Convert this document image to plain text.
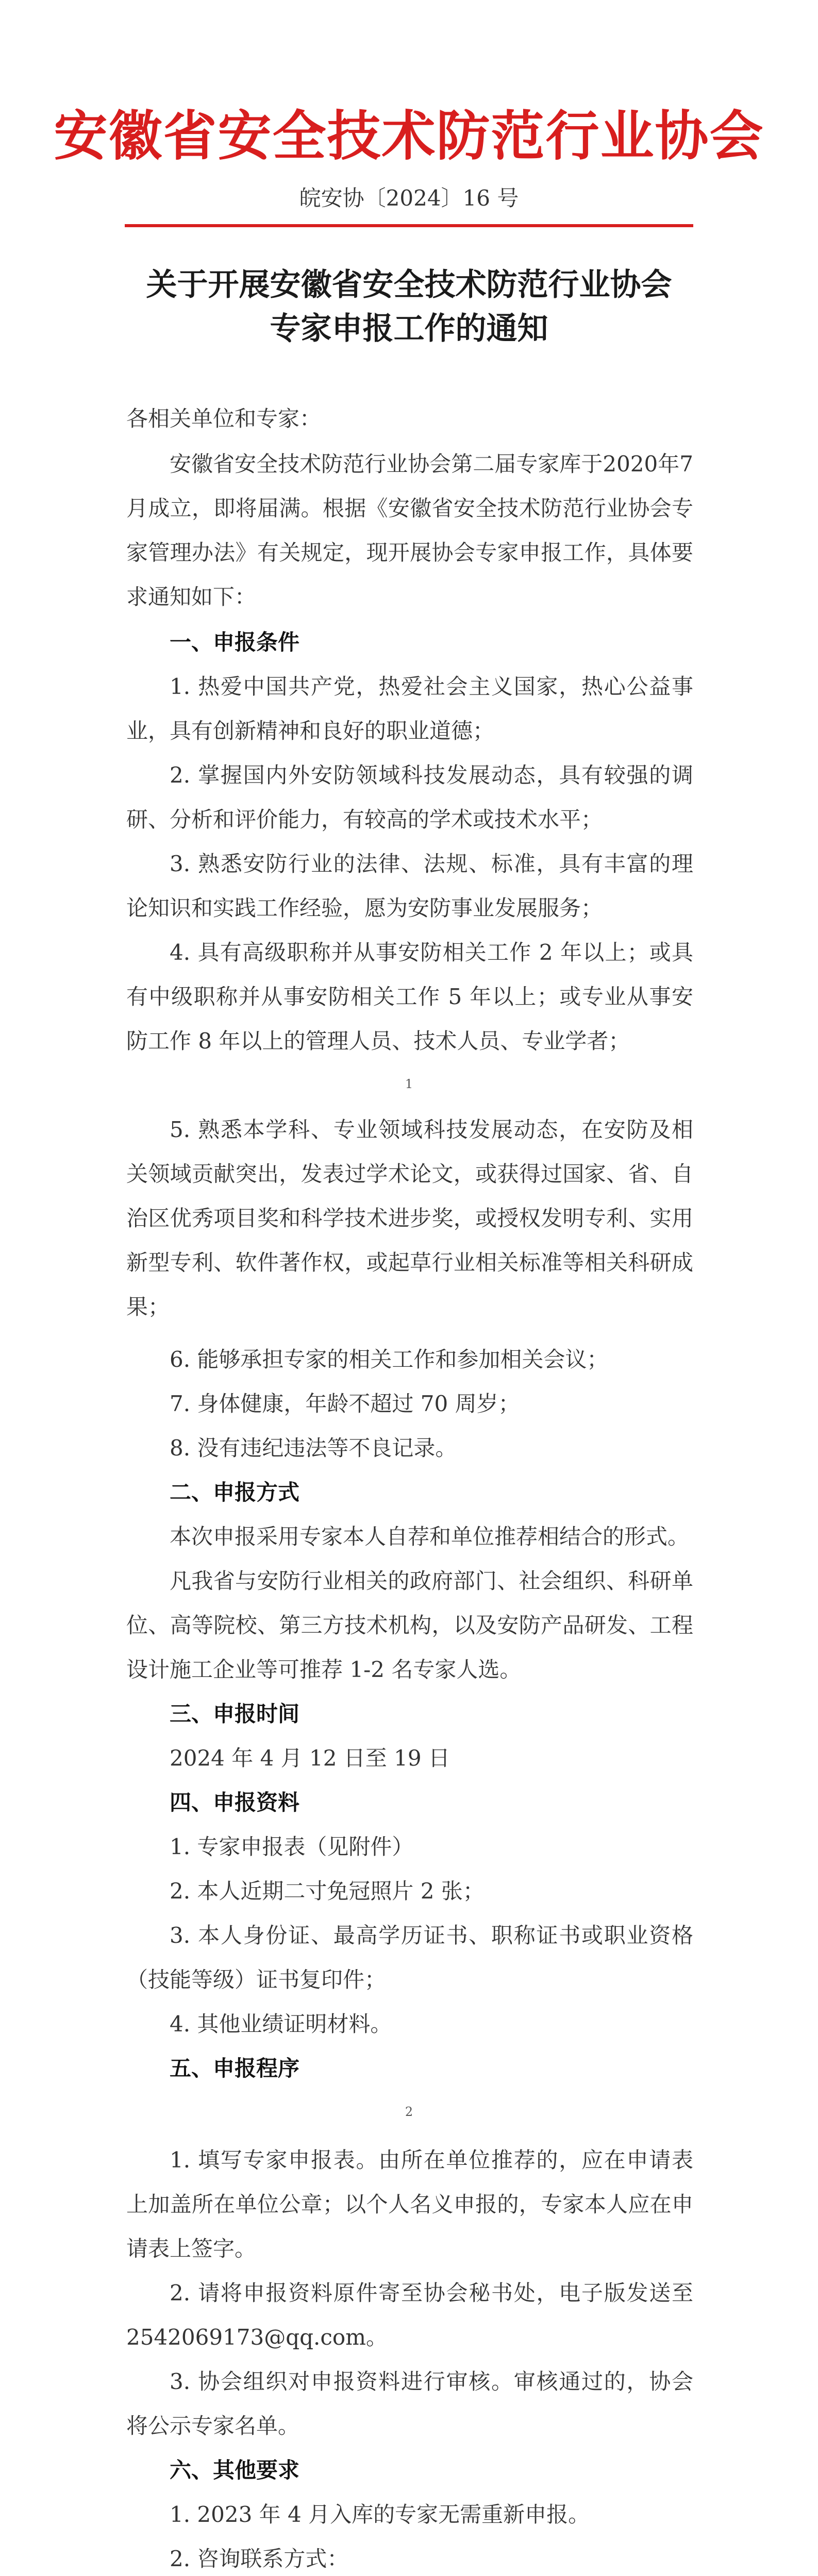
安徽省安全技术防范行业协会
皖安协〔2024〕16 号
关于开展安徽省安全技术防范行业协会
专家申报工作的通知
各相关单位和专家：
安徽省安全技术防范行业协会第二届专家库于2020年7月成立，即将届满。根据《安徽省安全技术防范行业协会专家管理办法》有关规定，现开展协会专家申报工作，具体要求通知如下：
一、申报条件
1. 热爱中国共产党，热爱社会主义国家，热心公益事业，具有创新精神和良好的职业道德；
2. 掌握国内外安防领域科技发展动态，具有较强的调研、分析和评价能力，有较高的学术或技术水平；
3. 熟悉安防行业的法律、法规、标准，具有丰富的理论知识和实践工作经验，愿为安防事业发展服务；
4. 具有高级职称并从事安防相关工作 2 年以上；或具有中级职称并从事安防相关工作 5 年以上；或专业从事安防工作 8 年以上的管理人员、技术人员、专业学者；
1
5. 熟悉本学科、专业领域科技发展动态，在安防及相关领域贡献突出，发表过学术论文，或获得过国家、省、自治区优秀项目奖和科学技术进步奖，或授权发明专利、实用新型专利、软件著作权，或起草行业相关标准等相关科研成果；
6. 能够承担专家的相关工作和参加相关会议；
7. 身体健康，年龄不超过 70 周岁；
8. 没有违纪违法等不良记录。
二、申报方式
本次申报采用专家本人自荐和单位推荐相结合的形式。
凡我省与安防行业相关的政府部门、社会组织、科研单位、高等院校、第三方技术机构，以及安防产品研发、工程设计施工企业等可推荐 1-2 名专家人选。
三、申报时间
2024 年 4 月 12 日至 19 日
四、申报资料
1. 专家申报表（见附件）
2. 本人近期二寸免冠照片 2 张；
3. 本人身份证、最高学历证书、职称证书或职业资格（技能等级）证书复印件；
4. 其他业绩证明材料。
五、申报程序
2
1. 填写专家申报表。由所在单位推荐的，应在申请表上加盖所在单位公章；以个人名义申报的，专家本人应在申请表上签字。
2. 请将申报资料原件寄至协会秘书处，电子版发送至2542069173@qq.com。
3. 协会组织对申报资料进行审核。审核通过的，协会将公示专家名单。
六、其他要求
1. 2023 年 4 月入库的专家无需重新申报。
2. 咨询联系方式：
